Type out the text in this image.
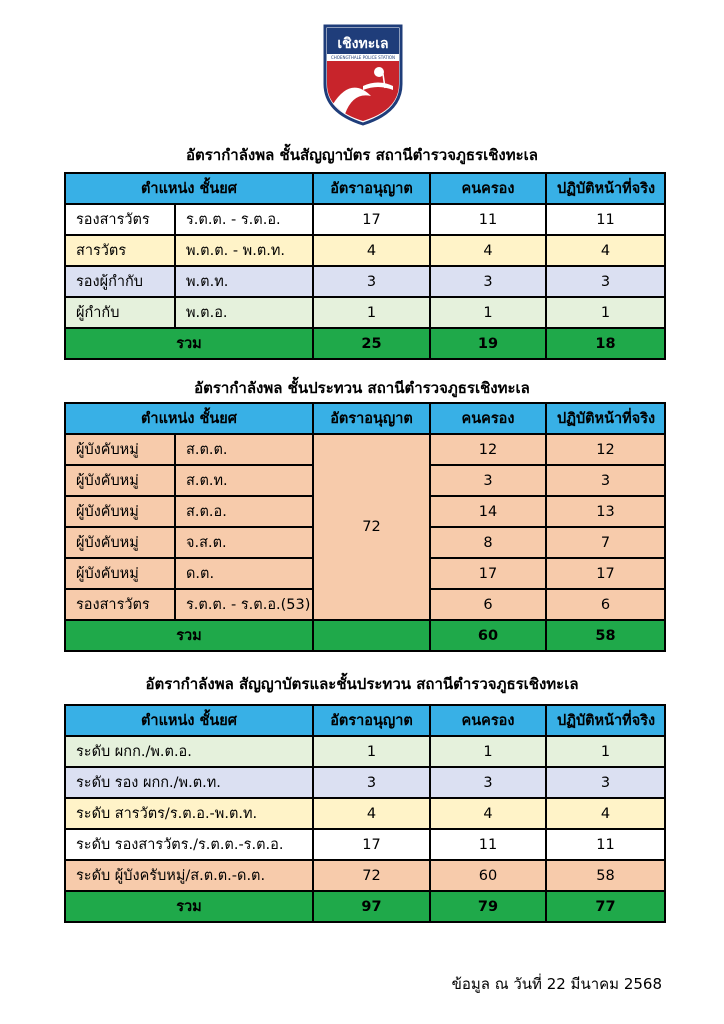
เชิงทะเล
CHOENGTHALE POLICE STATION
อัตรากำลังพล ชั้นสัญญาบัตร สถานีตำรวจภูธรเชิงทะเล
ตำแหน่ง ชั้นยศ		อัตราอนุญาต	คนครอง	ปฏิบัติหน้าที่จริง
รองสารวัตร	ร.ต.ต. - ร.ต.อ.	17	11	11
สารวัตร	พ.ต.ต. - พ.ต.ท.	4	4	4
รองผู้กำกับ	พ.ต.ท.	3	3	3
ผู้กำกับ	พ.ต.อ.	1	1	1
รวม		25	19	18
อัตรากำลังพล ชั้นประทวน สถานีตำรวจภูธรเชิงทะเล
ตำแหน่ง ชั้นยศ		อัตราอนุญาต	คนครอง	ปฏิบัติหน้าที่จริง
ผู้บังคับหมู่	ส.ต.ต.	72	12	12
ผู้บังคับหมู่	ส.ต.ท.		3	3
ผู้บังคับหมู่	ส.ต.อ.		14	13
ผู้บังคับหมู่	จ.ส.ต.		8	7
ผู้บังคับหมู่	ด.ต.		17	17
รองสารวัตร	ร.ต.ต. - ร.ต.อ.(53)		6	6
รวม			60	58
อัตรากำลังพล สัญญาบัตรและชั้นประทวน สถานีตำรวจภูธรเชิงทะเล
ตำแหน่ง ชั้นยศ	อัตราอนุญาต	คนครอง	ปฏิบัติหน้าที่จริง
ระดับ ผกก./พ.ต.อ.	1	1	1
ระดับ รอง ผกก./พ.ต.ท.	3	3	3
ระดับ สารวัตร/ร.ต.อ.-พ.ต.ท.	4	4	4
ระดับ รองสารวัตร./ร.ต.ต.-ร.ต.อ.	17	11	11
ระดับ ผู้บังครับหมู่/ส.ต.ต.-ด.ต.	72	60	58
รวม	97	79	77
ข้อมูล ณ วันที่ 22 มีนาคม 2568
